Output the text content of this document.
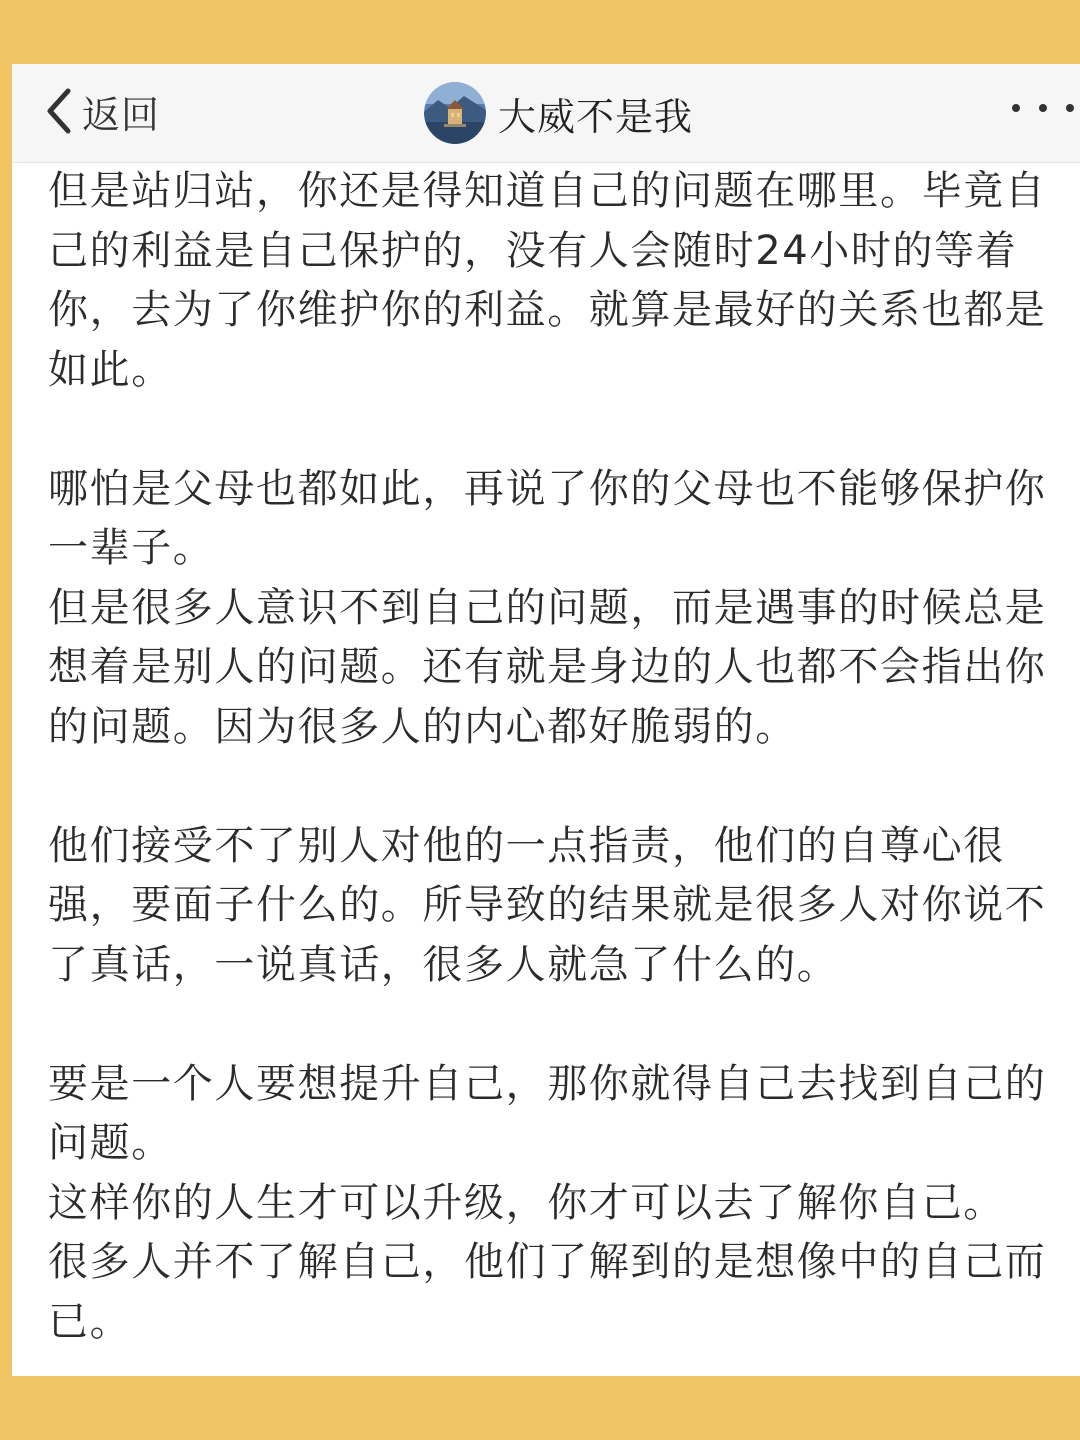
返回	大威不是我

但是站归站，你还是得知道自己的问题在哪里。毕竟自己的利益是自己保护的，没有人会随时24小时的等着你，去为了你维护你的利益。就算是最好的关系也都是如此。

哪怕是父母也都如此，再说了你的父母也不能够保护你一辈子。
但是很多人意识不到自己的问题，而是遇事的时候总是想着是别人的问题。还有就是身边的人也都不会指出你的问题。因为很多人的内心都好脆弱的。

他们接受不了别人对他的一点指责，他们的自尊心很强，要面子什么的。所导致的结果就是很多人对你说不了真话，一说真话，很多人就急了什么的。

要是一个人要想提升自己，那你就得自己去找到自己的问题。
这样你的人生才可以升级，你才可以去了解你自己。
很多人并不了解自己，他们了解到的是想像中的自己而已。
